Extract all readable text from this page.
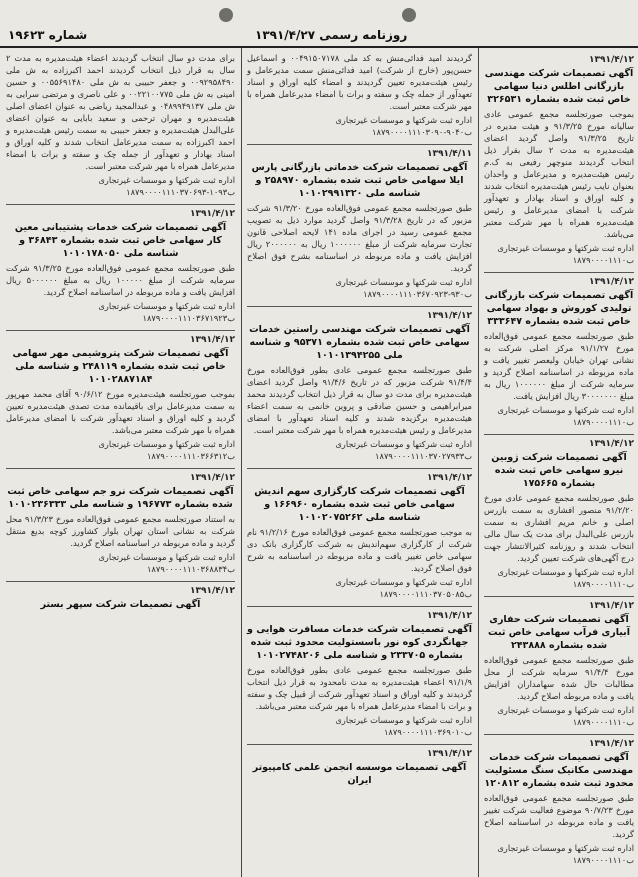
روزنامه رسمی ۱۳۹۱/۴/۲۷
شماره ۱۹۶۲۳
۱۳۹۱/۴/۱۲
آگهی تصمیمات شرکت مهندسی بازرگانی اطلس دنیا سهامی خاص ثبت شده بشماره ۳۲۶۵۳۱
بموجب صورتجلسه مجمع عمومی عادی سالیانه مورخ ۹۱/۳/۲۵ و هیئت مدیره در تاریخ ۹۱/۳/۲۵ واصل گردید اعضای هیئت‌مدیره به مدت ۲ سال بقرار ذیل انتخاب گردیدند منوچهر رفیعی به ک.م رئیس هیئت‌مدیره و مدیرعامل و واحدان بعنوان نایب رئیس هیئت‌مدیره انتخاب شدند و کلیه اوراق و اسناد بهادار و تعهدآور شرکت با امضای مدیرعامل و رئیس هیئت‌مدیره همراه با مهر شرکت معتبر می‌باشد.
اداره ثبت شرکتها و موسسات غیرتجاری
ب۱۸۷۹۰۰۰۰۱۱۱۰
۱۳۹۱/۴/۱۲
آگهی تصمیمات شرکت بازرگانی تولیدی کوروش و بهواد سهامی خاص ثبت شده بشماره ۳۳۳۶۴۷
طبق صورتجلسه مجمع عمومی فوق‌العاده مورخ ۹۱/۱/۲۷ مرکز اصلی شرکت به نشانی تهران خیابان ولیعصر تغییر یافت و ماده مربوطه در اساسنامه اصلاح گردید و سرمایه شرکت از مبلغ ۱۰۰۰۰۰۰ ریال به مبلغ ۳۰۰۰۰۰۰۰ ریال افزایش یافت.
اداره ثبت شرکتها و موسسات غیرتجاری
ب۱۸۷۹۰۰۰۰۱۱۱۰
۱۳۹۱/۴/۱۲
آگهی تصمیمات شرکت ژوبین نیرو سهامی خاص ثبت شده بشماره ۱۷۵۶۶۵
طبق صورتجلسه مجمع عمومی عادی مورخ ۹۱/۲/۲۰ منصور افشاری به سمت بازرس اصلی و خانم مریم افشاری به سمت بازرس علی‌البدل برای مدت یک سال مالی انتخاب شدند و روزنامه کثیرالانتشار جهت درج آگهی‌های شرکت تعیین گردید.
اداره ثبت شرکتها و موسسات غیرتجاری
ب۱۸۷۹۰۰۰۰۱۱۱۰
۱۳۹۱/۴/۱۲
آگهی تصمیمات شرکت حفاری آبیاری فرآب سهامی خاص ثبت شده بشماره ۲۴۳۸۸۸
طبق صورتجلسه مجمع عمومی فوق‌العاده مورخ ۹۱/۴/۴ سرمایه شرکت از محل مطالبات حال شده سهامداران افزایش یافت و ماده مربوطه اصلاح گردید.
اداره ثبت شرکتها و موسسات غیرتجاری
ب۱۸۷۹۰۰۰۰۱۱۱۰
۱۳۹۱/۴/۱۲
آگهی تصمیمات شرکت خدمات مهندسی مکانیک سنگ مسئولیت محدود ثبت شده بشماره ۱۲۰۸۱۲
طبق صورتجلسه مجمع عمومی فوق‌العاده مورخ ۹۰/۷/۲۳ موضوع فعالیت شرکت تغییر یافت و ماده مربوطه در اساسنامه اصلاح گردید.
اداره ثبت شرکتها و موسسات غیرتجاری
ب۱۸۷۹۰۰۰۰۱۱۱۰
گردیدند امید فدائی‌منش به کد ملی ۰۰۴۹۱۵۰۷۱۷۸ و اسماعیل حسن‌پور (خارج از شرکت) امید فدائی‌منش سمت مدیرعامل و رئیس هیئت‌مدیره تعیین گردیدند و امضاء کلیه اوراق و اسناد تعهدآور از جمله چک و سفته و برات با امضاء مدیرعامل همراه با مهر شرکت معتبر است.
اداره ثبت شرکتها و موسسات غیرتجاری
ب۹۰۴۰-۱۸۷۹۰۰۰۰۱۱۱۰۳۰۹۰
۱۳۹۱/۴/۱۱
آگهی تصمیمات شرکت خدماتی بازرگانی پارس ایلا سهامی خاص ثبت شده بشماره ۲۵۸۹۷۰ و شناسه ملی ۱۰۱۰۲۹۹۱۳۲۰
طبق صورتجلسه مجمع عمومی فوق‌العاده مورخ ۹۱/۳/۲۰ شرکت مزبور که در تاریخ ۹۱/۳/۲۸ واصل گردید موارد ذیل به تصویب مجمع عمومی رسید در اجرای ماده ۱۴۱ لایحه اصلاحی قانون تجارت سرمایه شرکت از مبلغ ۱۰۰۰۰۰۰ ریال به ۲۰۰۰۰۰۰ ریال افزایش یافت و ماده مربوطه در اساسنامه بشرح فوق اصلاح گردید.
اداره ثبت شرکتها و موسسات غیرتجاری
ب۹۳۰-۱۸۷۹۰۰۰۰۱۱۱۰۳۶۷۰۹۲۳
۱۳۹۱/۴/۱۲
آگهی تصمیمات شرکت مهندسی راستین خدمات سهامی خاص ثبت شده بشماره ۹۵۳۷۱ و شناسه ملی ۱۰۱۰۱۳۹۴۲۵۵
طبق صورتجلسه مجمع عمومی عادی بطور فوق‌العاده مورخ ۹۱/۴/۴ شرکت مزبور که در تاریخ ۹۱/۴/۶ واصل گردید اعضای هیئت‌مدیره برای مدت دو سال به قرار ذیل انتخاب گردیدند محمد میرابراهیمی و حسین صادقی و پروین خانمی به سمت اعضاء هیئت‌مدیره برگزیده شدند و کلیه اسناد تعهدآور با امضای مدیرعامل و رئیس هیئت‌مدیره همراه با مهر شرکت معتبر است.
اداره ثبت شرکتها و موسسات غیرتجاری
ب۱۸۷۹۰۰۰۰۱۱۱۰۳۷۰۲۷۹۳۳
۱۳۹۱/۴/۱۲
آگهی تصمیمات شرکت کارگزاری سهم اندیش سهامی خاص ثبت شده بشماره ۱۶۶۹۶۰ و شناسه ملی ۱۰۱۰۲۰۷۵۲۶۲
به موجب صورتجلسه مجمع عمومی فوق‌العاده مورخ ۹۱/۲/۱۶ نام شرکت از کارگزاری سهم‌اندیش به شرکت کارگزاری بانک دی سهامی خاص تغییر یافت و ماده مربوطه در اساسنامه به شرح فوق اصلاح گردید.
اداره ثبت شرکتها و موسسات غیرتجاری
ب۱۸۷۹۰۰۰۰۱۱۱۰۳۷۰۵۰۸۵
۱۳۹۱/۴/۱۲
آگهی تصمیمات شرکت خدمات مسافرت هوایی و جهانگردی کوه نور باسستولیت محدود ثبت شده بشماره ۲۳۳۷۰۵ و شناسه ملی ۱۰۱۰۲۷۴۸۲۰۶
طبق صورتجلسه مجمع عمومی عادی بطور فوق‌العاده مورخ ۹۱/۱/۹ اعضاء هیئت‌مدیره به مدت نامحدود به قرار ذیل انتخاب گردیدند و کلیه اوراق و اسناد تعهدآور شرکت از قبیل چک و سفته و برات با امضاء مدیرعامل همراه با مهر شرکت معتبر می‌باشد.
اداره ثبت شرکتها و موسسات غیرتجاری
ب۱۸۷۹۰۰۰۰۱۱۱۰۳۶۹۰۱۰
۱۳۹۱/۴/۱۲
آگهی تصمیمات موسسه انجمن علمی کامپیوتر ایران
برای مدت دو سال انتخاب گردیدند اعضاء هیئت‌مدیره به مدت ۲ سال به قرار ذیل انتخاب گردیدند احمد اکبرزاده به ش ملی ۰۰۹۲۹۵۸۴۹۰ و جعفر حبیبی به ش ملی ۰۰۵۵۶۹۱۴۸۰ و حسین امینی به ش ملی ۰۰۲۲۱۰۰۷۷۵ و علی ناصری و مرتضی سرایی به ش ملی ۰۴۸۹۹۴۹۱۳۷ و عبدالمجید ریاضی به عنوان اعضای اصلی هیئت‌مدیره و مهران ترحمی و سعید بابایی به عنوان اعضای علی‌البدل هیئت‌مدیره و جعفر حبیبی به سمت رئیس هیئت‌مدیره و احمد اکبرزاده به سمت مدیرعامل انتخاب شدند و کلیه اوراق و اسناد بهادار و تعهدآور از جمله چک و سفته و برات با امضاء مدیرعامل همراه با مهر شرکت معتبر است.
اداره ثبت شرکتها و موسسات غیرتجاری
ب۱۰۹۳-۱۸۷۹۰۰۰۰۱۱۱۰۳۷۰۶۹۳
۱۳۹۱/۴/۱۲
آگهی تصمیمات شرکت خدمات پشتیبانی معین کار سهامی خاص ثبت شده بشماره ۳۶۸۴۳ و شناسه ملی ۱۰۱۰۱۷۸۰۵۰
طبق صورتجلسه مجمع عمومی فوق‌العاده مورخ ۹۱/۳/۲۵ شرکت سرمایه شرکت از مبلغ ۱۰۰۰۰۰ ریال به مبلغ ۵۰۰۰۰۰۰ ریال افزایش یافت و ماده مربوطه در اساسنامه اصلاح گردید.
اداره ثبت شرکتها و موسسات غیرتجاری
ب۱۸۷۹۰۰۰۰۱۱۱۰۳۶۷۱۹۲۳
۱۳۹۱/۴/۱۲
آگهی تصمیمات شرکت پتروشیمی مهر سهامی خاص ثبت شده بشماره ۲۴۸۱۱۹ و شناسه ملی ۱۰۱۰۲۸۸۷۱۸۴
بموجب صورتجلسه هیئت‌مدیره مورخ ۹۰/۶/۱۲ آقای محمد مهرپور به سمت مدیرعامل برای باقیمانده مدت تصدی هیئت‌مدیره تعیین گردید و کلیه اوراق و اسناد تعهدآور شرکت با امضای مدیرعامل همراه با مهر شرکت معتبر می‌باشد.
اداره ثبت شرکتها و موسسات غیرتجاری
ب۱۸۷۹۰۰۰۰۱۱۱۰۳۶۶۳۱۲
۱۳۹۱/۴/۱۲
آگهی تصمیمات شرکت نرو جم سهامی خاص ثبت شده بشماره ۱۹۶۷۷۳ و شناسه ملی ۱۰۱۰۲۳۶۳۳۳
به استناد صورتجلسه مجمع عمومی فوق‌العاده مورخ ۹۱/۳/۲۳ محل شرکت به نشانی استان تهران بلوار کشاورز کوچه بدیع منتقل گردید و ماده مربوطه در اساسنامه اصلاح گردید.
اداره ثبت شرکتها و موسسات غیرتجاری
ب۱۸۷۹۰۰۰۰۱۱۱۰۳۶۸۸۳۴
۱۳۹۱/۴/۱۲
آگهی تصمیمات شرکت سپهر بستر
